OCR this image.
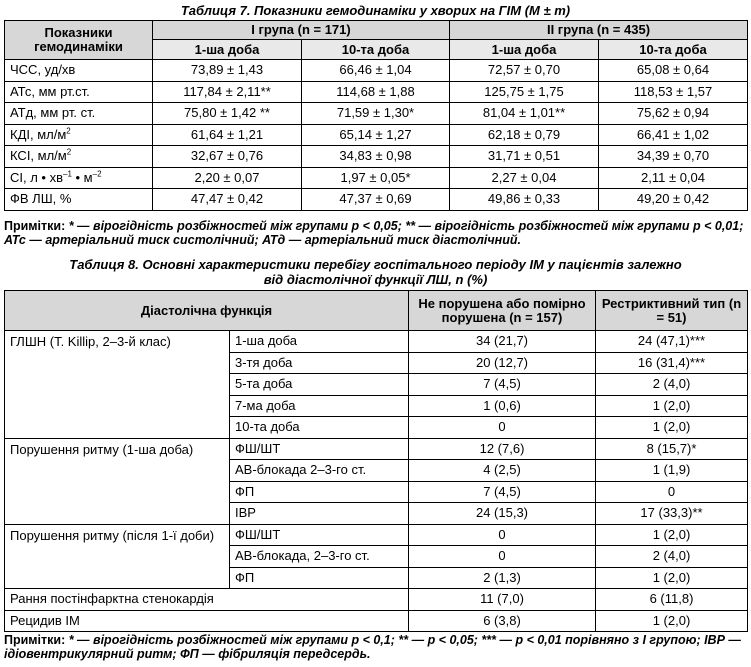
Таблиця 7. Показники гемодинаміки у хворих на ГІМ (M ± m)
Показники гемодинаміки	І група (n = 171)		ІІ група (n = 435)	
	1-ша доба	10-та доба	1-ша доба	10-та доба
ЧСС, уд/хв	73,89 ± 1,43	66,46 ± 1,04	72,57 ± 0,70	65,08 ± 0,64
АТс, мм рт.ст.	117,84 ± 2,11**	114,68 ± 1,88	125,75 ± 1,75	118,53 ± 1,57
АТд, мм рт. ст.	75,80 ± 1,42 **	71,59 ± 1,30*	81,04 ± 1,01**	75,62 ± 0,94
КДІ, $мл/м^2$	61,64 ± 1,21	65,14 ± 1,27	62,18 ± 0,79	66,41 ± 1,02
КСІ, $мл/м^2$	32,67 ± 0,76	34,83 ± 0,98	31,71 ± 0,51	34,39 ± 0,70
СІ, л • $хв^{-1}$ • $м^{-2}$	2,20 ± 0,07	1,97 ± 0,05*	2,27 ± 0,04	2,11 ± 0,04
ФВ ЛШ, %	47,47 ± 0,42	47,37 ± 0,69	49,86 ± 0,33	49,20 ± 0,42
Примітки: * — вірогідність розбіжностей між групами p < 0,05; ** — вірогідність розбіжностей між групами p < 0,01; АТс — артеріальний тиск систолічний; АТд — артеріальний тиск діастолічний.
Таблиця 8. Основні характеристики перебігу госпітального періоду ІМ у пацієнтів залежно
від діастолічної функції ЛШ, n (%)
Діастолічна функція		Не порушена або помірно порушена (n = 157)	Рестриктивний тип (n = 51)
ГЛШН (T. Killip, 2–3-й клас)	1-ша доба	34 (21,7)	24 (47,1)***
	3-тя доба	20 (12,7)	16 (31,4)***
	5-та доба	7 (4,5)	2 (4,0)
	7-ма доба	1 (0,6)	1 (2,0)
	10-та доба	0	1 (2,0)
Порушення ритму (1-ша доба)	ФШ/ШТ	12 (7,6)	8 (15,7)*
	АВ-блокада 2–3-го ст.	4 (2,5)	1 (1,9)
	ФП	7 (4,5)	0
	ІВР	24 (15,3)	17 (33,3)**
Порушення ритму (після 1-ї доби)	ФШ/ШТ	0	1 (2,0)
	АВ-блокада, 2–3-го ст.	0	2 (4,0)
	ФП	2 (1,3)	1 (2,0)
Рання постінфарктна стенокардія		11 (7,0)	6 (11,8)
Рецидив ІМ		6 (3,8)	1 (2,0)
Примітки: * — вірогідність розбіжностей між групами p < 0,1; ** — p < 0,05; *** — p < 0,01 порівняно з І групою; ІВР — ідіовентрикулярний ритм; ФП — фібриляція передсердь.
